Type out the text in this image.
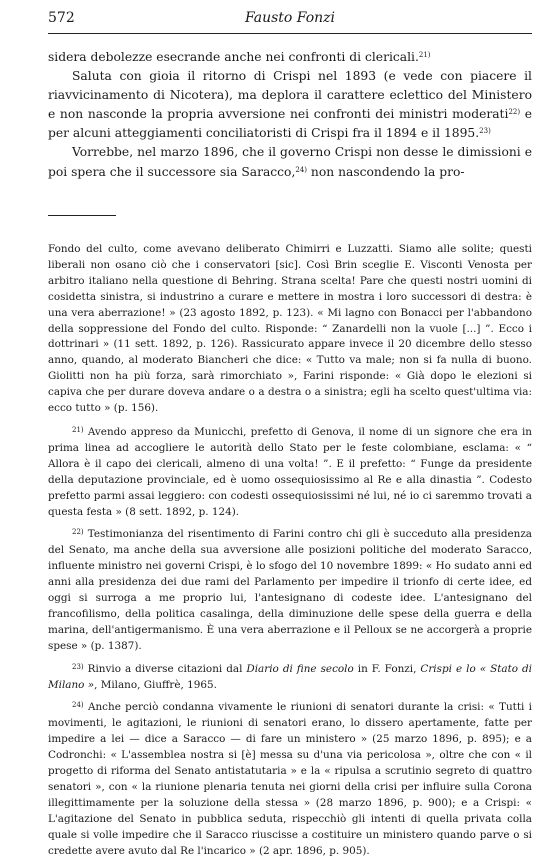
572	Fausto Fonzi

sidera debolezze esecrande anche nei confronti di clericali.$^{21)}$

Saluta con gioia il ritorno di Crispi nel 1893 (e vede con piacere il riavvicinamento di Nicotera), ma deplora il carattere eclettico del Ministero e non nasconde la propria avversione nei confronti dei ministri moderati$^{22)}$ e per alcuni atteggiamenti conciliatoristi di Crispi fra il 1894 e il 1895.$^{23)}$

Vorrebbe, nel marzo 1896, che il governo Crispi non desse le dimissioni e poi spera che il successore sia Saracco,$^{24)}$ non nascondendo la pro-

Fondo del culto, come avevano deliberato Chimirri e Luzzatti. Siamo alle solite; questi liberali non osano ciò che i conservatori [sic]. Così Brin sceglie E. Visconti Venosta per arbitro italiano nella questione di Behring. Strana scelta! Pare che questi nostri uomini di cosidetta sinistra, si industrino a curare e mettere in mostra i loro successori di destra: è una vera aberrazione! » (23 agosto 1892, p. 123). « Mi lagno con Bonacci per l'abbandono della soppressione del Fondo del culto. Risponde: “ Zanardelli non la vuole [...] ”. Ecco i dottrinari » (11 sett. 1892, p. 126). Rassicurato appare invece il 20 dicembre dello stesso anno, quando, al moderato Biancheri che dice: « Tutto va male; non si fa nulla di buono. Giolitti non ha più forza, sarà rimorchiato », Farini risponde: « Già dopo le elezioni si capiva che per durare doveva andare o a destra o a sinistra; egli ha scelto quest'ultima via: ecco tutto » (p. 156).

$^{21)}$ Avendo appreso da Municchi, prefetto di Genova, il nome di un signore che era in prima linea ad accogliere le autorità dello Stato per le feste colombiane, esclama: « “ Allora è il capo dei clericali, almeno di una volta! ”. E il prefetto: “ Funge da presidente della deputazione provinciale, ed è uomo ossequiosissimo al Re e alla dinastia ”. Codesto prefetto parmi assai leggiero: con codesti ossequiosissimi né lui, né io ci saremmo trovati a questa festa » (8 sett. 1892, p. 124).

$^{22)}$ Testimonianza del risentimento di Farini contro chi gli è succeduto alla presidenza del Senato, ma anche della sua avversione alle posizioni politiche del moderato Saracco, influente ministro nei governi Crispi, è lo sfogo del 10 novembre 1899: « Ho sudato anni ed anni alla presidenza dei due rami del Parlamento per impedire il trionfo di certe idee, ed oggi si surroga a me proprio lui, l'antesignano di codeste idee. L'antesignano del francofilismo, della politica casalinga, della diminuzione delle spese della guerra e della marina, dell'antigermanismo. È una vera aberrazione e il Pelloux se ne accorgerà a proprie spese » (p. 1387).

$^{23)}$ Rinvio a diverse citazioni dal Diario di fine secolo in F. Fonzi, Crispi e lo « Stato di Milano », Milano, Giuffrè, 1965.

$^{24)}$ Anche perciò condanna vivamente le riunioni di senatori durante la crisi: « Tutti i movimenti, le agitazioni, le riunioni di senatori erano, lo dissero apertamente, fatte per impedire a lei — dice a Saracco — di fare un ministero » (25 marzo 1896, p. 895); e a Codronchi: « L'assemblea nostra si [è] messa su d'una via pericolosa », oltre che con « il progetto di riforma del Senato antistatutaria » e la « ripulsa a scrutinio segreto di quattro senatori », con « la riunione plenaria tenuta nei giorni della crisi per influire sulla Corona illegittimamente per la soluzione della stessa » (28 marzo 1896, p. 900); e a Crispi: « L'agitazione del Senato in pubblica seduta, rispecchiò gli intenti di quella privata colla quale si volle impedire che il Saracco riuscisse a costituire un ministero quando parve o si credette avere avuto dal Re l'incarico » (2 apr. 1896, p. 905).
